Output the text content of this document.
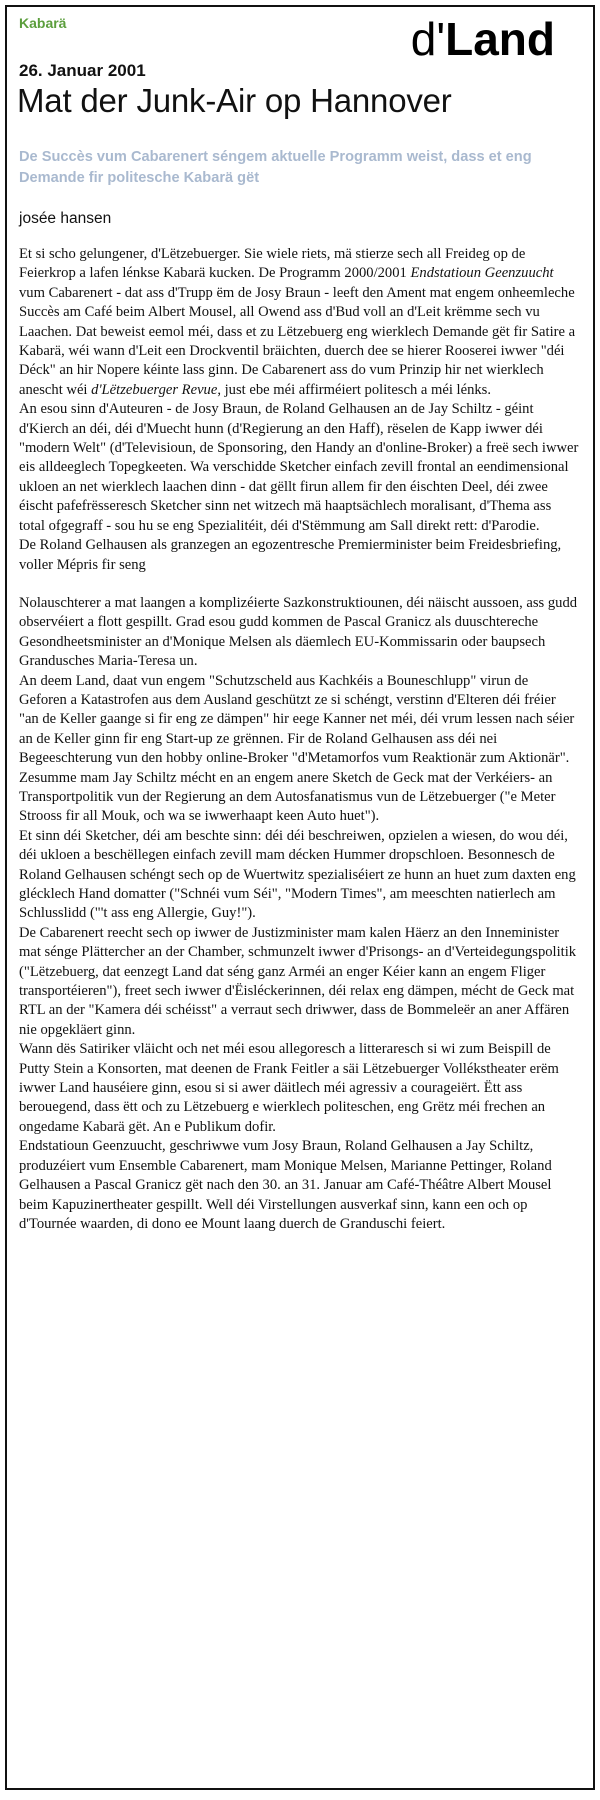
Kabarä	d'Land
26. Januar 2001
Mat der Junk-Air op Hannover

De Succès vum Cabarenert séngem aktuelle Programm weist, dass et eng Demande fir politesche Kabarä gët

josée hansen

Et si scho gelungener, d'Lëtzebuerger. Sie wiele riets, mä stierze sech all Freideg op de Feierkrop a lafen lénkse Kabarä kucken. De Programm 2000/2001 Endstatioun Geenzuucht vum Cabarenert - dat ass d'Trupp ëm de Josy Braun - leeft den Ament mat engem onheemleche Succès am Café beim Albert Mousel, all Owend ass d'Bud voll an d'Leit krëmme sech vu Laachen. Dat beweist eemol méi, dass et zu Lëtzebuerg eng wierklech Demande gët fir Satire a Kabarä, wéi wann d'Leit een Drockventil bräichten, duerch dee se hierer Rooserei iwwer "déi Déck" an hir Nopere kéinte lass ginn. De Cabarenert ass do vum Prinzip hir net wierklech anescht wéi d'Lëtzebuerger Revue, just ebe méi affirméiert politesch a méi lénks.

An esou sinn d'Auteuren - de Josy Braun, de Roland Gelhausen an de Jay Schiltz - géint d'Kierch an déi, déi d'Muecht hunn (d'Regierung an den Haff), rëselen de Kapp iwwer déi "modern Welt" (d'Televisioun, de Sponsoring, den Handy an d'online-Broker) a freë sech iwwer eis alldeeglech Topegkeeten. Wa verschidde Sketcher einfach zevill frontal an eendimensional ukloen an net wierklech laachen dinn - dat gëllt firun allem fir den éischten Deel, déi zwee éischt pafefrësseresch Sketcher sinn net witzech mä haaptsächlech moralisant, d'Thema ass total ofgegraff - sou hu se eng Spezialitéit, déi d'Stëmmung am Sall direkt rett: d'Parodie.

De Roland Gelhausen als granzegen an egozentresche Premierminister beim Freidesbriefing, voller Mépris fir seng

Nolauschterer a mat laangen a komplizéierte Sazkonstruktiounen, déi näischt aussoen, ass gudd observéiert a flott gespillt. Grad esou gudd kommen de Pascal Granicz als duuschtereche Gesondheetsminister an d'Monique Melsen als däemlech EU-Kommissarin oder baupsech Grandusches Maria-Teresa un.

An deem Land, daat vun engem "Schutzscheld aus Kachkéis a Bouneschlupp" virun de Geforen a Katastrofen aus dem Ausland geschützt ze si schéngt, verstinn d'Elteren déi fréier "an de Keller gaange si fir eng ze dämpen" hir eege Kanner net méi, déi vrum lessen nach séier an de Keller ginn fir eng Start-up ze grënnen. Fir de Roland Gelhausen ass déi nei Begeeschterung vun den hobby online-Broker "d'Metamorfos vum Reaktionär zum Aktionär". Zesumme mam Jay Schiltz mécht en an engem anere Sketch de Geck mat der Verkéiers- an Transportpolitik vun der Regierung an dem Autosfanatismus vun de Lëtzebuerger ("e Meter Strooss fir all Mouk, och wa se iwwerhaapt keen Auto huet").

Et sinn déi Sketcher, déi am beschte sinn: déi déi beschreiwen, opzielen a wiesen, do wou déi, déi ukloen a beschëllegen einfach zevill mam décken Hummer dropschloen. Besonnesch de Roland Gelhausen schéngt sech op de Wuertwitz spezialiséiert ze hunn an huet zum daxten eng glécklech Hand domatter ("Schnéi vum Séi", "Modern Times", am meeschten natierlech am Schlusslidd ("'t ass eng Allergie, Guy!").

De Cabarenert reecht sech op iwwer de Justizminister mam kalen Häerz an den Inneminister mat sénge Plättercher an der Chamber, schmunzelt iwwer d'Prisongs- an d'Verteidegungspolitik ("Lëtzebuerg, dat eenzegt Land dat séng ganz Arméi an enger Kéier kann an engem Fliger transportéieren"), freet sech iwwer d'Ëisléckerinnen, déi relax eng dämpen, mécht de Geck mat RTL an der "Kamera déi schéisst" a verraut sech driwwer, dass de Bommeleër an aner Affären nie opgekläert ginn.

Wann dës Satiriker vläicht och net méi esou allegoresch a litteraresch si wi zum Beispill de Putty Stein a Konsorten, mat deenen de Frank Feitler a säi Lëtzebuerger Vollékstheater erëm iwwer Land hauséiere ginn, esou si si awer däitlech méi agressiv a courageiërt. Ëtt ass berouegend, dass ëtt och zu Lëtzebuerg e wierklech politeschen, eng Grëtz méi frechen an ongedame Kabarä gët. An e Publikum dofir.

Endstatioun Geenzuucht, geschriwwe vum Josy Braun, Roland Gelhausen a Jay Schiltz, produzéiert vum Ensemble Cabarenert, mam Monique Melsen, Marianne Pettinger, Roland Gelhausen a Pascal Granicz gët nach den 30. an 31. Januar am Café-Théâtre Albert Mousel beim Kapuzinertheater gespillt. Well déi Virstellungen ausverkaf sinn, kann een och op d'Tournée waarden, di dono ee Mount laang duerch de Granduschi feiert.
